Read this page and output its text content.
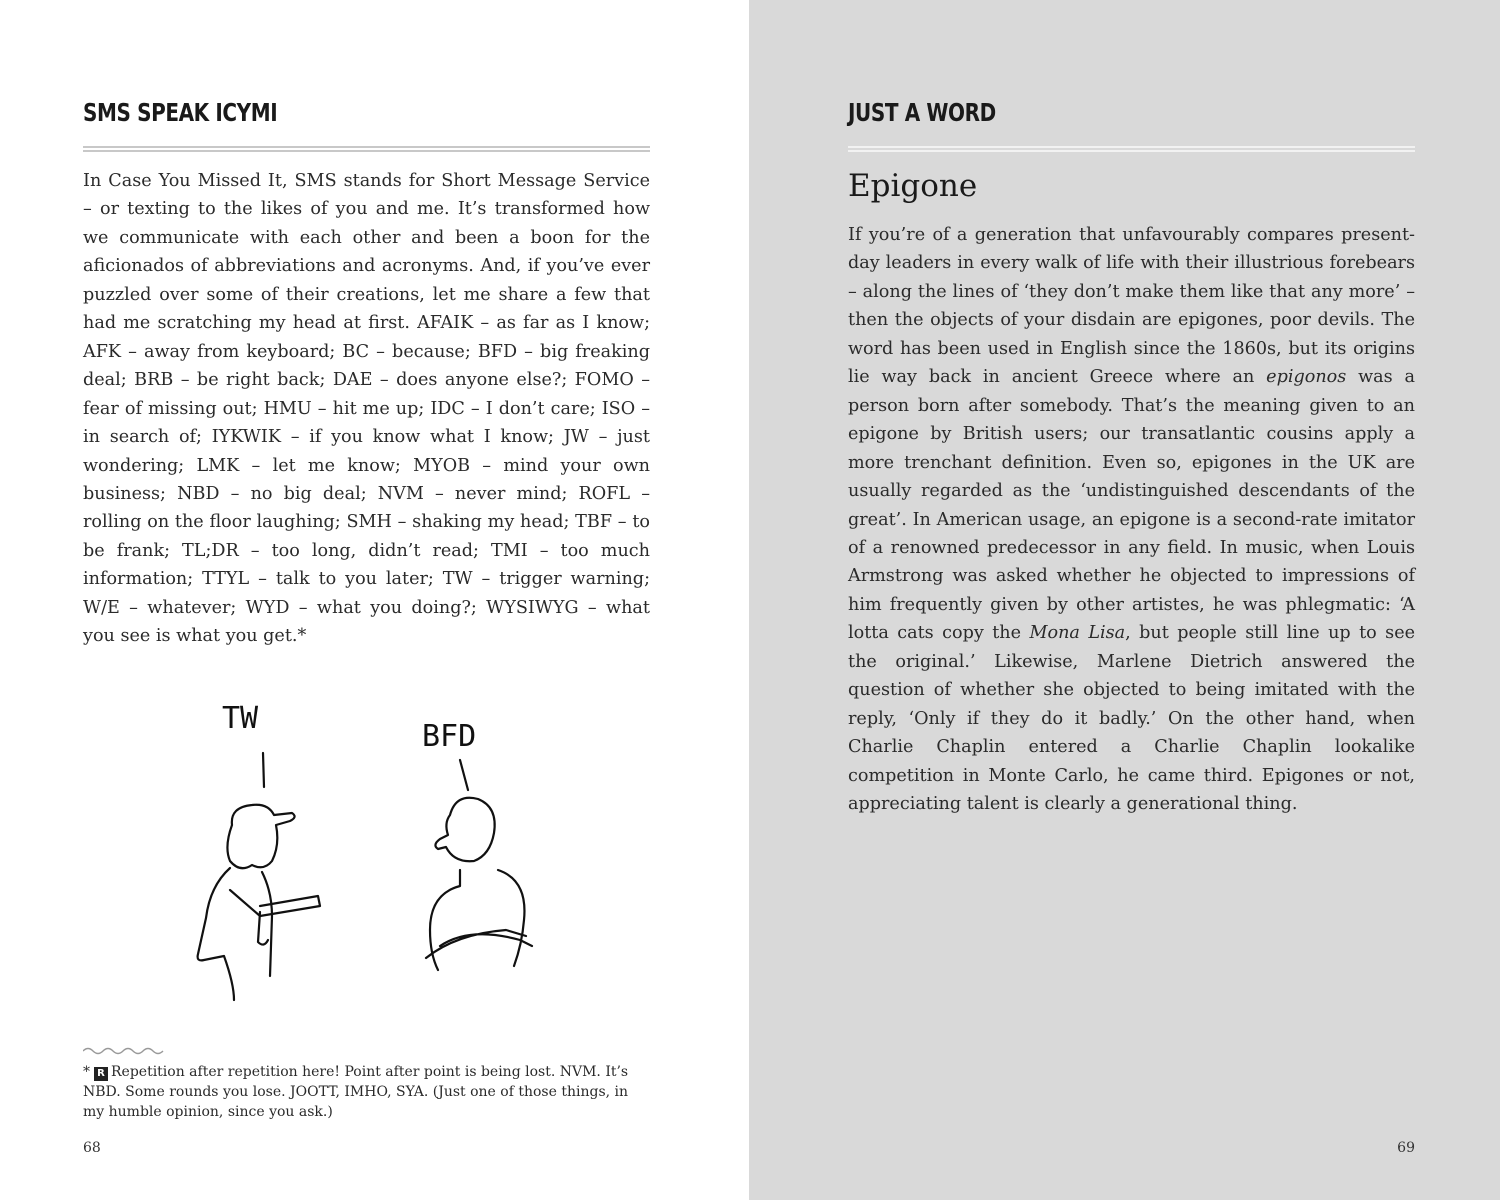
SMS SPEAK ICYMI

In Case You Missed It, SMS stands for Short Message Service – or texting to the likes of you and me. It’s transformed how we communicate with each other and been a boon for the aficionados of abbreviations and acronyms. And, if you’ve ever puzzled over some of their creations, let me share a few that had me scratching my head at first. AFAIK – as far as I know; AFK – away from keyboard; BC – because; BFD – big freaking deal; BRB – be right back; DAE – does anyone else?; FOMO – fear of missing out; HMU – hit me up; IDC – I don’t care; ISO – in search of; IYKWIK – if you know what I know; JW – just wondering; LMK – let me know; MYOB – mind your own business; NBD – no big deal; NVM – never mind; ROFL – rolling on the floor laughing; SMH – shaking my head; TBF – to be frank; TL;DR – too long, didn’t read; TMI – too much information; TTYL – talk to you later; TW – trigger warning; W/E – whatever; WYD – what you doing?; WYSIWYG – what you see is what you get.*

TW
BFD

* R Repetition after repetition here! Point after point is being lost. NVM. It’s NBD. Some rounds you lose. JOOTT, IMHO, SYA. (Just one of those things, in my humble opinion, since you ask.)

68
JUST A WORD
Epigone

If you’re of a generation that unfavourably compares present-day leaders in every walk of life with their illustrious forebears – along the lines of ‘they don’t make them like that any more’ – then the objects of your disdain are epigones, poor devils. The word has been used in English since the 1860s, but its origins lie way back in ancient Greece where an epigonos was a person born after somebody. That’s the meaning given to an epigone by British users; our transatlantic cousins apply a more trenchant definition. Even so, epigones in the UK are usually regarded as the ‘undistinguished descendants of the great’. In American usage, an epigone is a second-rate imitator of a renowned predecessor in any field. In music, when Louis Armstrong was asked whether he objected to impressions of him frequently given by other artistes, he was phlegmatic: ‘A lotta cats copy the Mona Lisa, but people still line up to see the original.’ Likewise, Marlene Dietrich answered the question of whether she objected to being imitated with the reply, ‘Only if they do it badly.’ On the other hand, when Charlie Chaplin entered a Charlie Chaplin lookalike competition in Monte Carlo, he came third. Epigones or not, appreciating talent is clearly a generational thing.

69
